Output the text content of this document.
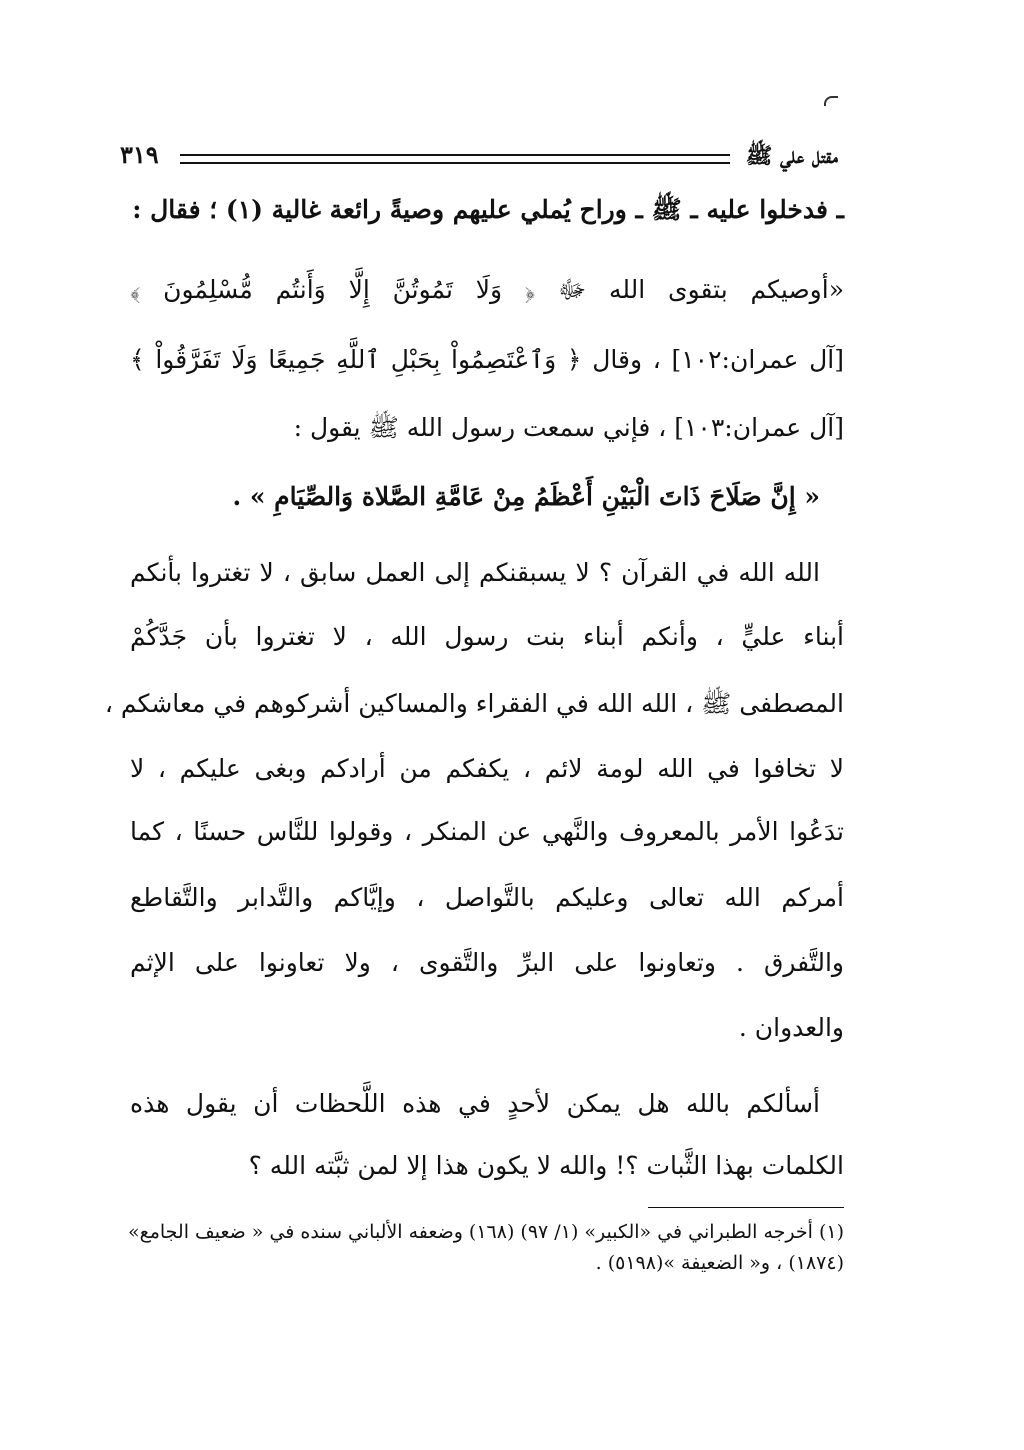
مقتل علي ﷺ
٣١٩
ـ فدخلوا عليه ـ ﷺ ـ وراح يُملي عليهم وصيةً رائعة غالية (١) ؛ فقال :
«أوصيكم بتقوى الله ﷻ ﴿ وَلَا تَمُوتُنَّ إِلَّا وَأَنتُم مُّسْلِمُونَ ﴾
[آل عمران:١٠٢] ، وقال ﴿ وَٱعْتَصِمُواْ بِحَبْلِ ٱللَّهِ جَمِيعًا وَلَا تَفَرَّقُواْ ﴾
[آل عمران:١٠٣] ، فإني سمعت رسول الله ﷺ يقول :
« إِنَّ صَلَاحَ ذَاتَ الْبَيْنِ أَعْظَمُ مِنْ عَامَّةِ الصَّلاة وَالصِّيَامِ » .
الله الله في القرآن ؟ لا يسبقنكم إلى العمل سابق ، لا تغتروا بأنكم
أبناء عليٍّ ، وأنكم أبناء بنت رسول الله ، لا تغتروا بأن جَدَّكُمْ
المصطفى ﷺ ، الله الله في الفقراء والمساكين أشركوهم في معاشكم ،
لا تخافوا في الله لومة لائم ، يكفكم من أرادكم وبغى عليكم ، لا
تدَعُوا الأمر بالمعروف والنَّهي عن المنكر ، وقولوا للنَّاس حسنًا ، كما
أمركم الله تعالى وعليكم بالتَّواصل ، وإيَّاكم والتَّدابر والتَّقاطع
والتَّفرق . وتعاونوا على البرِّ والتَّقوى ، ولا تعاونوا على الإثم
والعدوان .
أسألكم بالله هل يمكن لأحدٍ في هذه اللَّحظات أن يقول هذه
الكلمات بهذا الثَّبات ؟! والله لا يكون هذا إلا لمن ثبَّته الله ؟
(١) أخرجه الطبراني في «الكبير» (١/ ٩٧) (١٦٨) وضعفه الألباني سنده في « ضعيف الجامع»
(١٨٧٤) ، و« الضعيفة »(٥١٩٨) .
